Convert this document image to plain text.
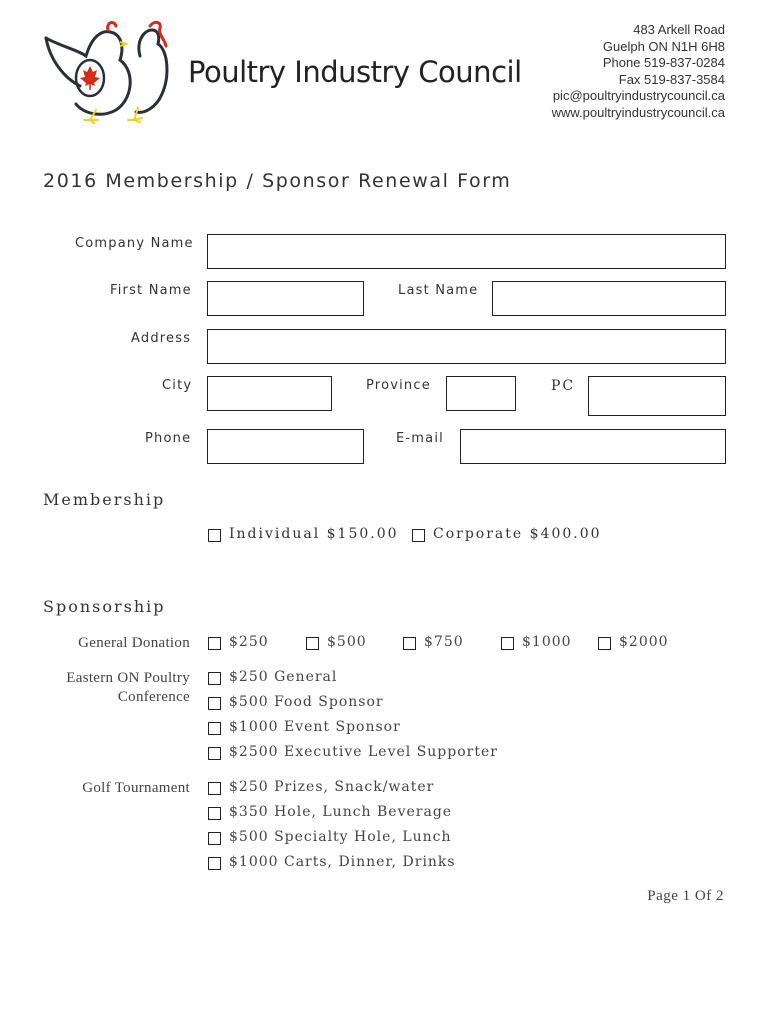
Poultry Industry Council
483 Arkell Road
Guelph ON N1H 6H8
Phone 519-837-0284
Fax 519-837-3584
pic@poultryindustrycouncil.ca
www.poultryindustrycouncil.ca
2016 Membership / Sponsor Renewal Form
Company Name
First Name	Last Name
Address
City	Province	PC
Phone	E-mail
Membership
Individual $150.00 Corporate $400.00
Sponsorship
General Donation	$250	$500	$750	$1000	$2000
Eastern ON Poultry
Conference
$250 General
$500 Food Sponsor
$1000 Event Sponsor
$2500 Executive Level Supporter
Golf Tournament	$250 Prizes, Snack/water
$350 Hole, Lunch Beverage
$500 Specialty Hole, Lunch
$1000 Carts, Dinner, Drinks
Page 1 Of 2
